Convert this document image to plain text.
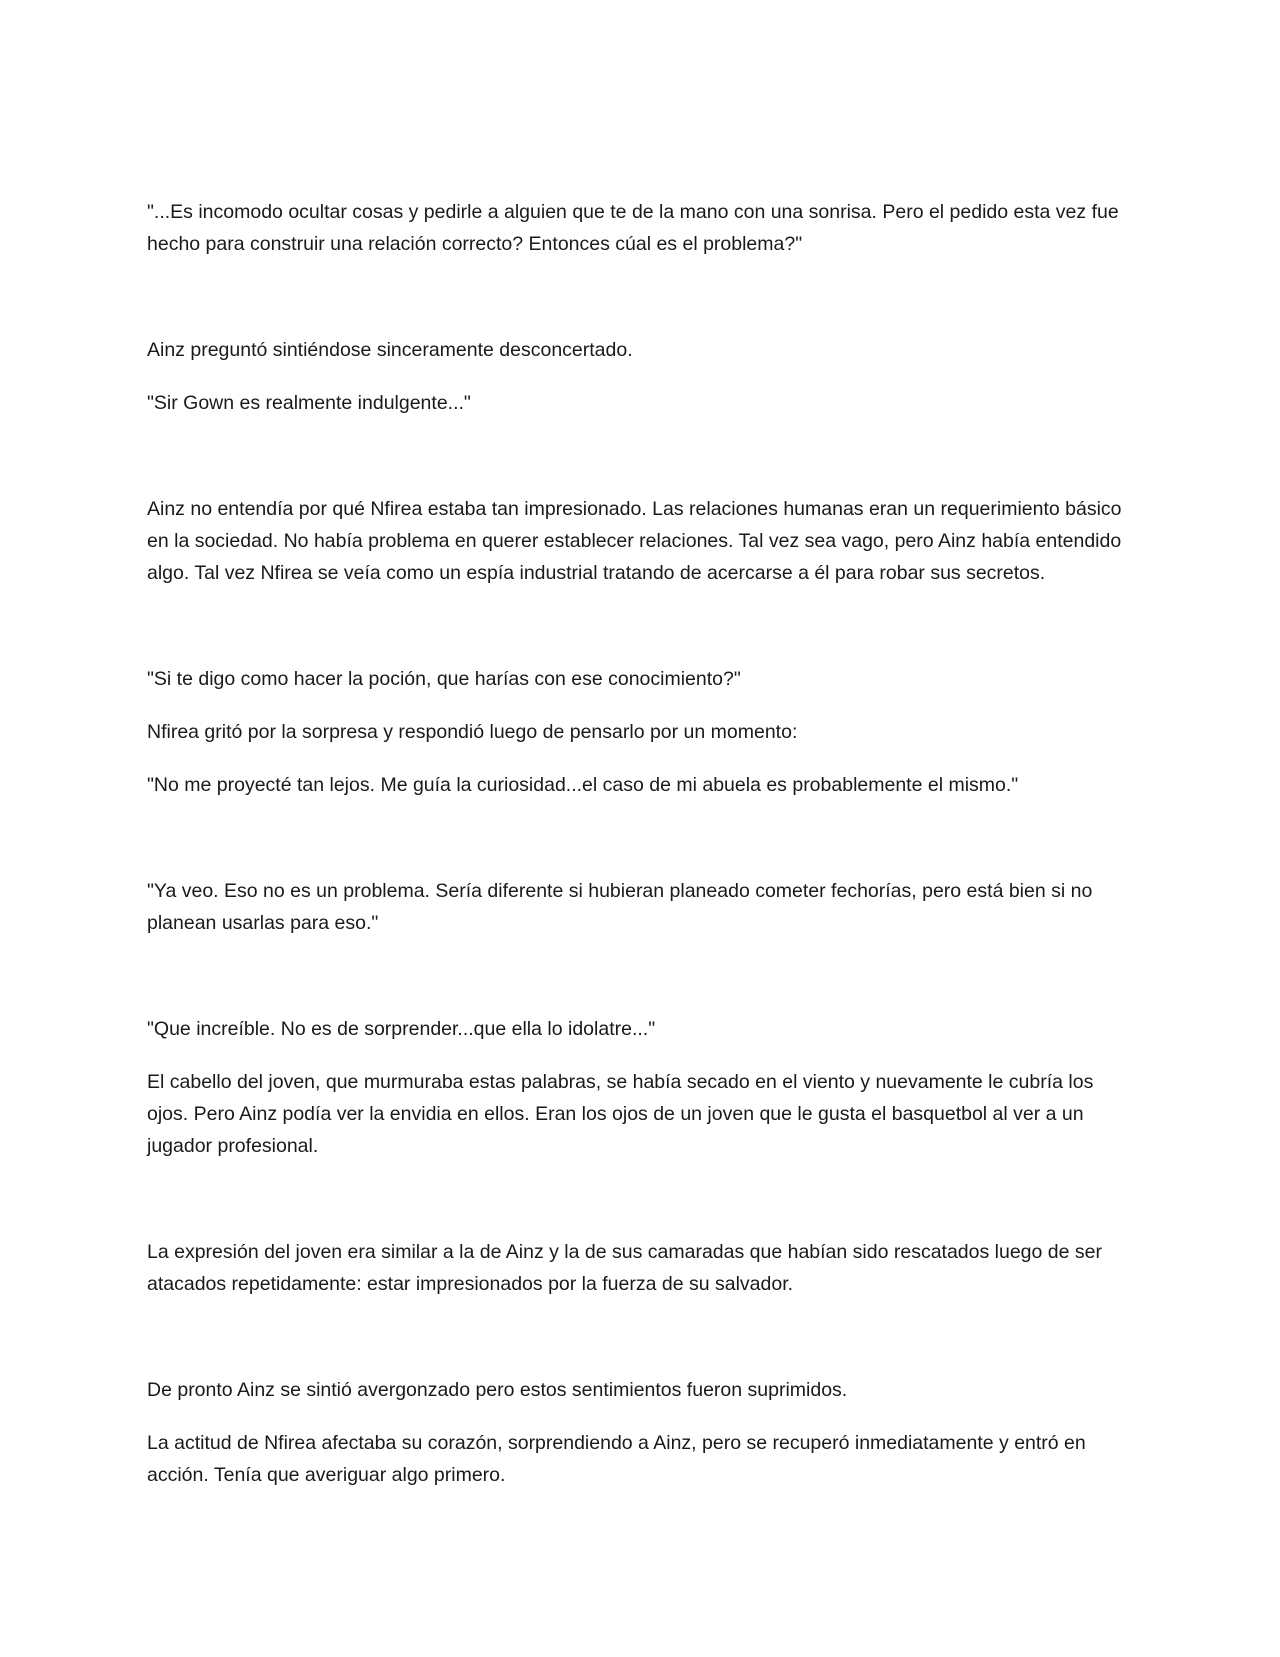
"...Es incomodo ocultar cosas y pedirle a alguien que te de la mano con una sonrisa. Pero el pedido esta vez fue hecho para construir una relación correcto? Entonces cúal es el problema?"

Ainz preguntó sintiéndose sinceramente desconcertado.

"Sir Gown es realmente indulgente..."

Ainz no entendía por qué Nfirea estaba tan impresionado. Las relaciones humanas eran un requerimiento básico en la sociedad. No había problema en querer establecer relaciones. Tal vez sea vago, pero Ainz había entendido algo. Tal vez Nfirea se veía como un espía industrial tratando de acercarse a él para robar sus secretos.

"Si te digo como hacer la poción, que harías con ese conocimiento?"

Nfirea gritó por la sorpresa y respondió luego de pensarlo por un momento:

"No me proyecté tan lejos. Me guía la curiosidad...el caso de mi abuela es probablemente el mismo."

"Ya veo. Eso no es un problema. Sería diferente si hubieran planeado cometer fechorías, pero está bien si no planean usarlas para eso."

"Que increíble. No es de sorprender...que ella lo idolatre..."

El cabello del joven, que murmuraba estas palabras, se había secado en el viento y nuevamente le cubría los ojos. Pero Ainz podía ver la envidia en ellos. Eran los ojos de un joven que le gusta el basquetbol al ver a un jugador profesional.

La expresión del joven era similar a la de Ainz y la de sus camaradas que habían sido rescatados luego de ser atacados repetidamente: estar impresionados por la fuerza de su salvador.

De pronto Ainz se sintió avergonzado pero estos sentimientos fueron suprimidos.

La actitud de Nfirea afectaba su corazón, sorprendiendo a Ainz, pero se recuperó inmediatamente y entró en acción. Tenía que averiguar algo primero.
